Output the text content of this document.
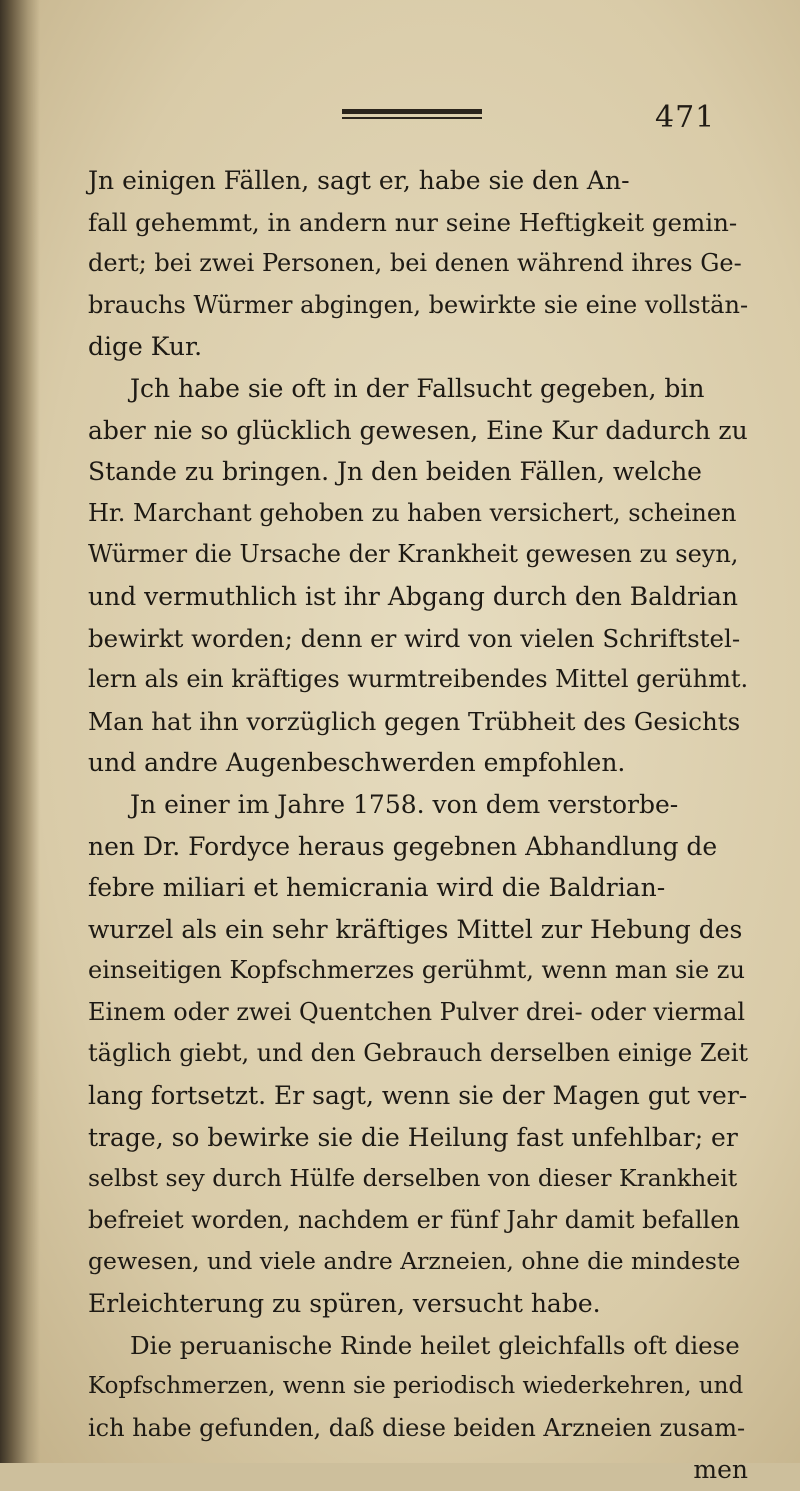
471
Jn einigen Fällen, sagt er, habe sie den An-
fall gehemmt, in andern nur seine Heftigkeit gemin-
dert; bei zwei Personen, bei denen während ihres Ge-
brauchs Würmer abgingen, bewirkte sie eine vollstän-
dige Kur.
Jch habe sie oft in der Fallsucht gegeben, bin
aber nie so glücklich gewesen, Eine Kur dadurch zu
Stande zu bringen. Jn den beiden Fällen, welche
Hr. Marchant gehoben zu haben versichert, scheinen
Würmer die Ursache der Krankheit gewesen zu seyn,
und vermuthlich ist ihr Abgang durch den Baldrian
bewirkt worden; denn er wird von vielen Schriftstel-
lern als ein kräftiges wurmtreibendes Mittel gerühmt.
Man hat ihn vorzüglich gegen Trübheit des Gesichts
und andre Augenbeschwerden empfohlen.
Jn einer im Jahre 1758. von dem verstorbe-
nen Dr. Fordyce heraus gegebnen Abhandlung de
febre miliari et hemicrania wird die Baldrian-
wurzel als ein sehr kräftiges Mittel zur Hebung des
einseitigen Kopfschmerzes gerühmt, wenn man sie zu
Einem oder zwei Quentchen Pulver drei- oder viermal
täglich giebt, und den Gebrauch derselben einige Zeit
lang fortsetzt. Er sagt, wenn sie der Magen gut ver-
trage, so bewirke sie die Heilung fast unfehlbar; er
selbst sey durch Hülfe derselben von dieser Krankheit
befreiet worden, nachdem er fünf Jahr damit befallen
gewesen, und viele andre Arzneien, ohne die mindeste
Erleichterung zu spüren, versucht habe.
Die peruanische Rinde heilet gleichfalls oft diese
Kopfschmerzen, wenn sie periodisch wiederkehren, und
ich habe gefunden, daß diese beiden Arzneien zusam-
men
